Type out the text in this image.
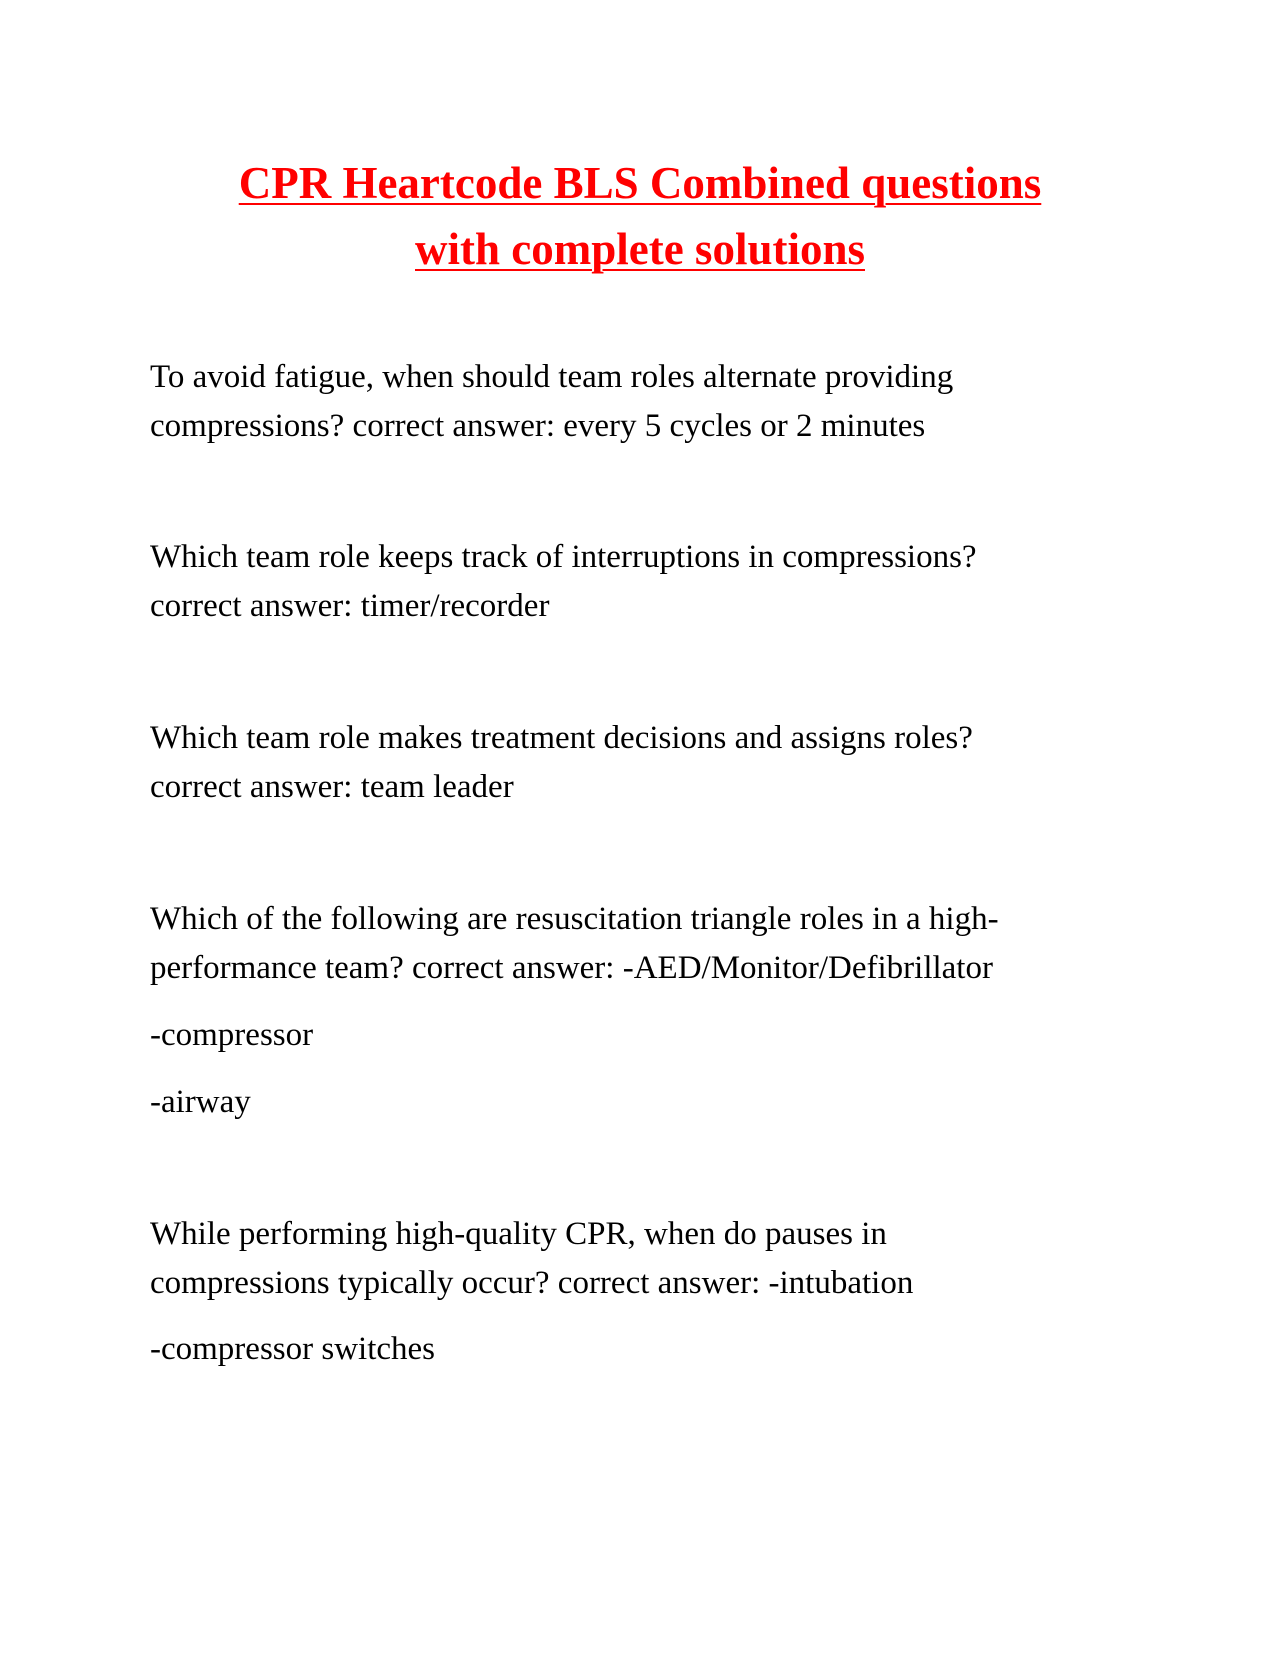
CPR Heartcode BLS Combined questions
with complete solutions

To avoid fatigue, when should team roles alternate providing
compressions? correct answer: every 5 cycles or 2 minutes

Which team role keeps track of interruptions in compressions?
correct answer: timer/recorder

Which team role makes treatment decisions and assigns roles?
correct answer: team leader

Which of the following are resuscitation triangle roles in a high-
performance team? correct answer: -AED/Monitor/Defibrillator

-compressor

-airway

While performing high-quality CPR, when do pauses in
compressions typically occur? correct answer: -intubation

-compressor switches
